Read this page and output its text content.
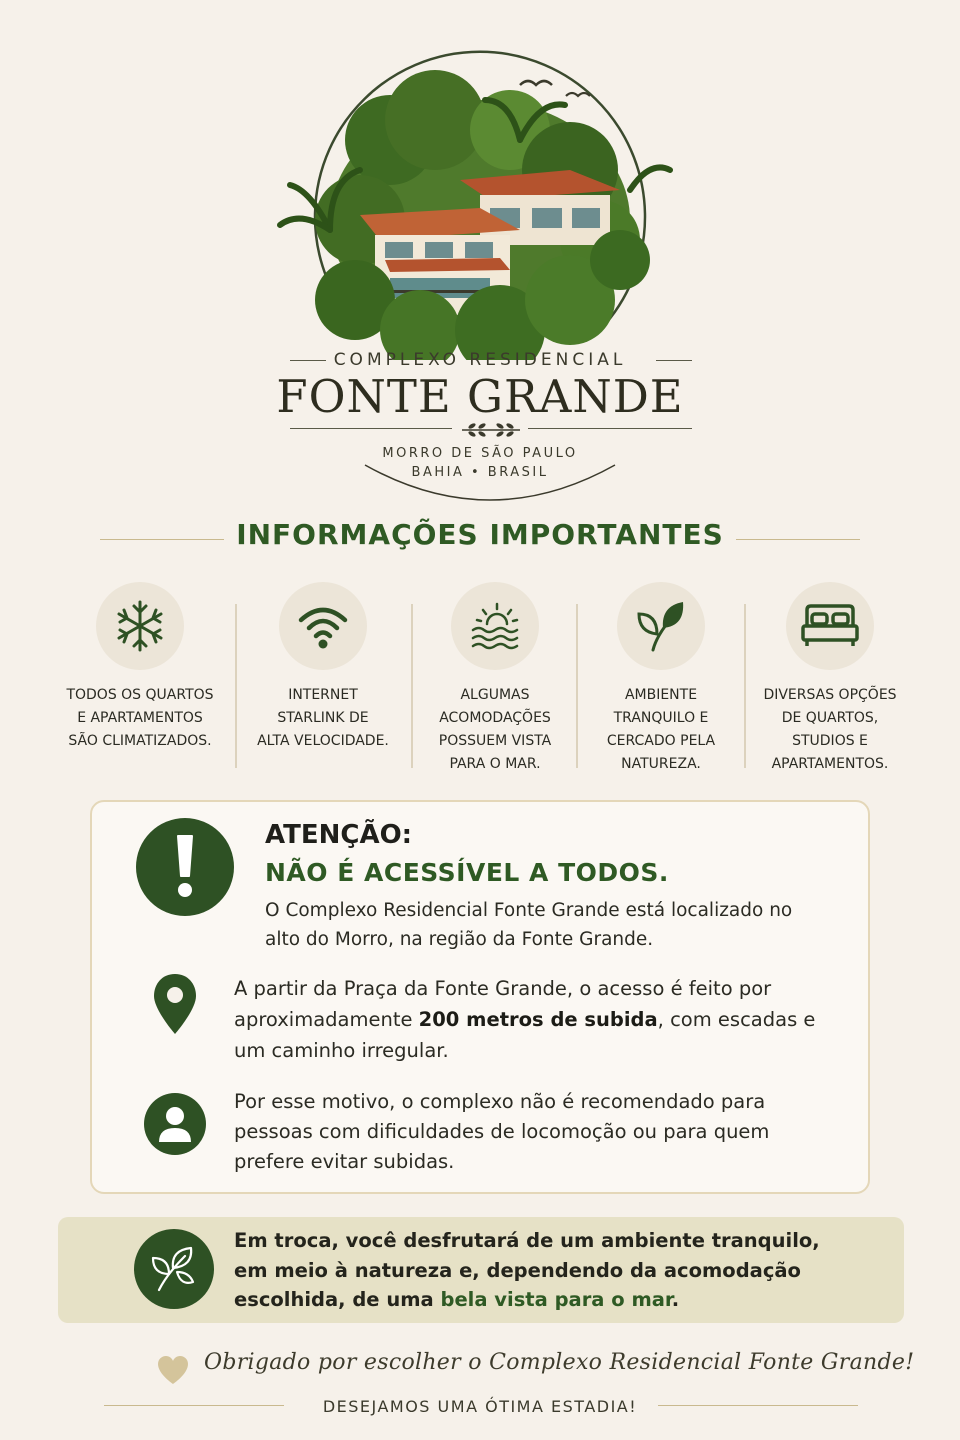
COMPLEXO RESIDENCIAL
FONTE GRANDE
MORRO DE SÃO PAULO
BAHIA • BRASIL
INFORMAÇÕES IMPORTANTES
TODOS OS QUARTOS
E APARTAMENTOS
SÃO CLIMATIZADOS.
INTERNET
STARLINK DE
ALTA VELOCIDADE.
ALGUMAS
ACOMODAÇÕES
POSSUEM VISTA
PARA O MAR.
AMBIENTE
TRANQUILO E
CERCADO PELA
NATUREZA.
DIVERSAS OPÇÕES
DE QUARTOS,
STUDIOS E
APARTAMENTOS.
ATENÇÃO:
NÃO É ACESSÍVEL A TODOS.
O Complexo Residencial Fonte Grande está localizado no alto do Morro, na região da Fonte Grande.
A partir da Praça da Fonte Grande, o acesso é feito por aproximadamente 200 metros de subida, com escadas e um caminho irregular.
Por esse motivo, o complexo não é recomendado para pessoas com dificuldades de locomoção ou para quem prefere evitar subidas.
Em troca, você desfrutará de um ambiente tranquilo, em meio à natureza e, dependendo da acomodação escolhida, de uma bela vista para o mar.
Obrigado por escolher o Complexo Residencial Fonte Grande!
DESEJAMOS UMA ÓTIMA ESTADIA!
